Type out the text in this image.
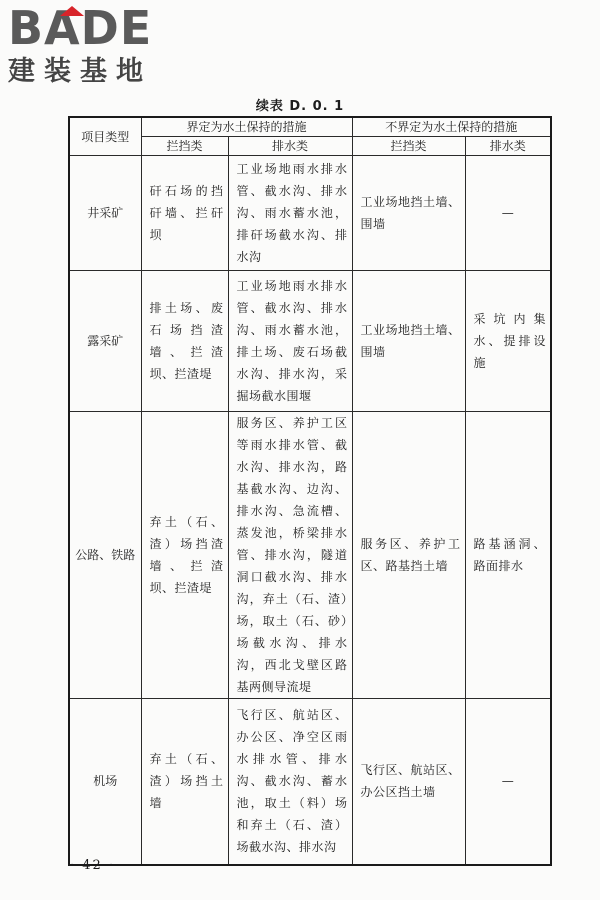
BADE
建装基地
续表 D. 0. 1
项目类型	界定为水土保持的措施		不界定为水土保持的措施	
	拦挡类	排水类	拦挡类	排水类
井采矿	矸石场的挡矸墙、拦矸坝	工业场地雨水排水管、截水沟、排水沟、雨水蓄水池，排矸场截水沟、排水沟	工业场地挡土墙、围墙	—
露采矿	排土场、废石场挡渣墙、拦渣坝、拦渣堤	工业场地雨水排水管、截水沟、排水沟、雨水蓄水池，排土场、废石场截水沟、排水沟，采掘场截水围堰	工业场地挡土墙、围墙	采坑内集水、提排设施
公路、铁路	弃土（石、渣）场挡渣墙、拦渣坝、拦渣堤	服务区、养护工区等雨水排水管、截水沟、排水沟，路基截水沟、边沟、排水沟、急流槽、蒸发池，桥梁排水管、排水沟，隧道洞口截水沟、排水沟，弃土（石、渣）场，取土（石、砂）场截水沟、排水沟，西北戈壁区路基两侧导流堤	服务区、养护工区、路基挡土墙	路基涵洞、路面排水
机场	弃土（石、渣）场挡土墙	飞行区、航站区、办公区、净空区雨水排水管、排水沟、截水沟、蓄水池，取土（料）场和弃土（石、渣）场截水沟、排水沟	飞行区、航站区、办公区挡土墙	—
· 42 ·
